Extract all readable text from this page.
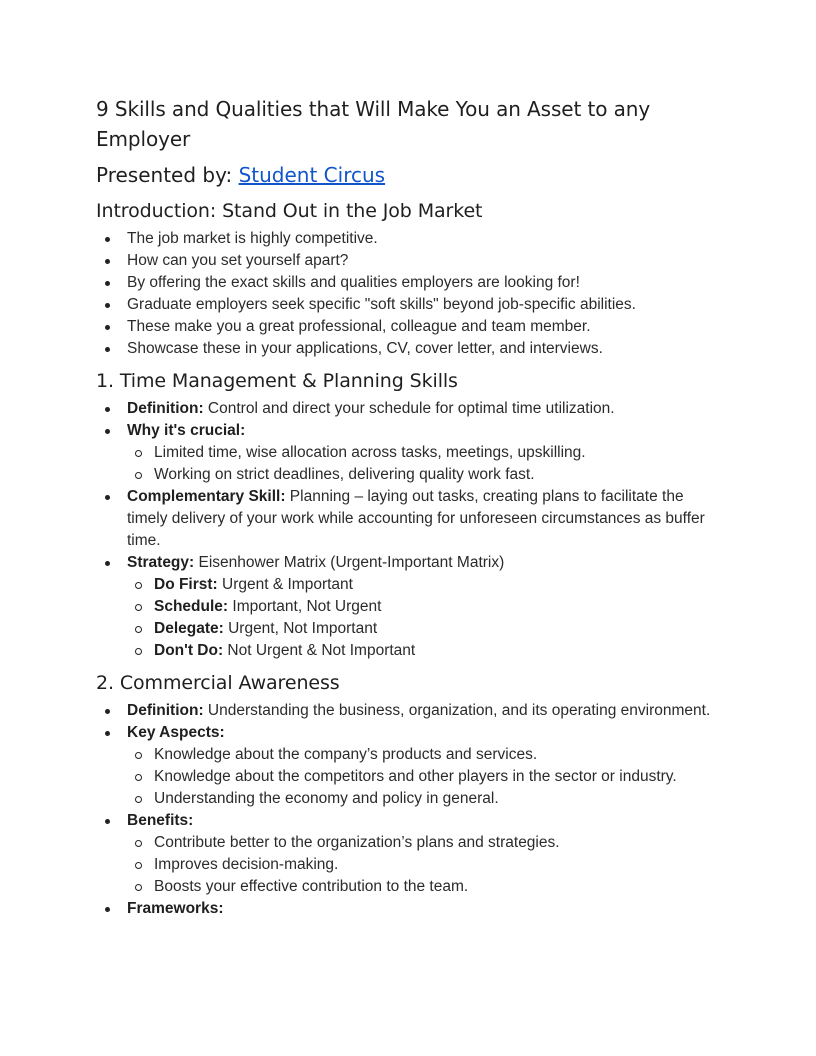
9 Skills and Qualities that Will Make You an Asset to any Employer
Presented by: Student Circus
Introduction: Stand Out in the Job Market
The job market is highly competitive.
How can you set yourself apart?
By offering the exact skills and qualities employers are looking for!
Graduate employers seek specific "soft skills" beyond job-specific abilities.
These make you a great professional, colleague and team member.
Showcase these in your applications, CV, cover letter, and interviews.
1. Time Management & Planning Skills
Definition: Control and direct your schedule for optimal time utilization.
Why it's crucial:
Limited time, wise allocation across tasks, meetings, upskilling.
Working on strict deadlines, delivering quality work fast.
Complementary Skill: Planning – laying out tasks, creating plans to facilitate the timely delivery of your work while accounting for unforeseen circumstances as buffer time.
Strategy: Eisenhower Matrix (Urgent-Important Matrix)
Do First: Urgent & Important
Schedule: Important, Not Urgent
Delegate: Urgent, Not Important
Don't Do: Not Urgent & Not Important
2. Commercial Awareness
Definition: Understanding the business, organization, and its operating environment.
Key Aspects:
Knowledge about the company’s products and services.
Knowledge about the competitors and other players in the sector or industry.
Understanding the economy and policy in general.
Benefits:
Contribute better to the organization’s plans and strategies.
Improves decision-making.
Boosts your effective contribution to the team.
Frameworks:
